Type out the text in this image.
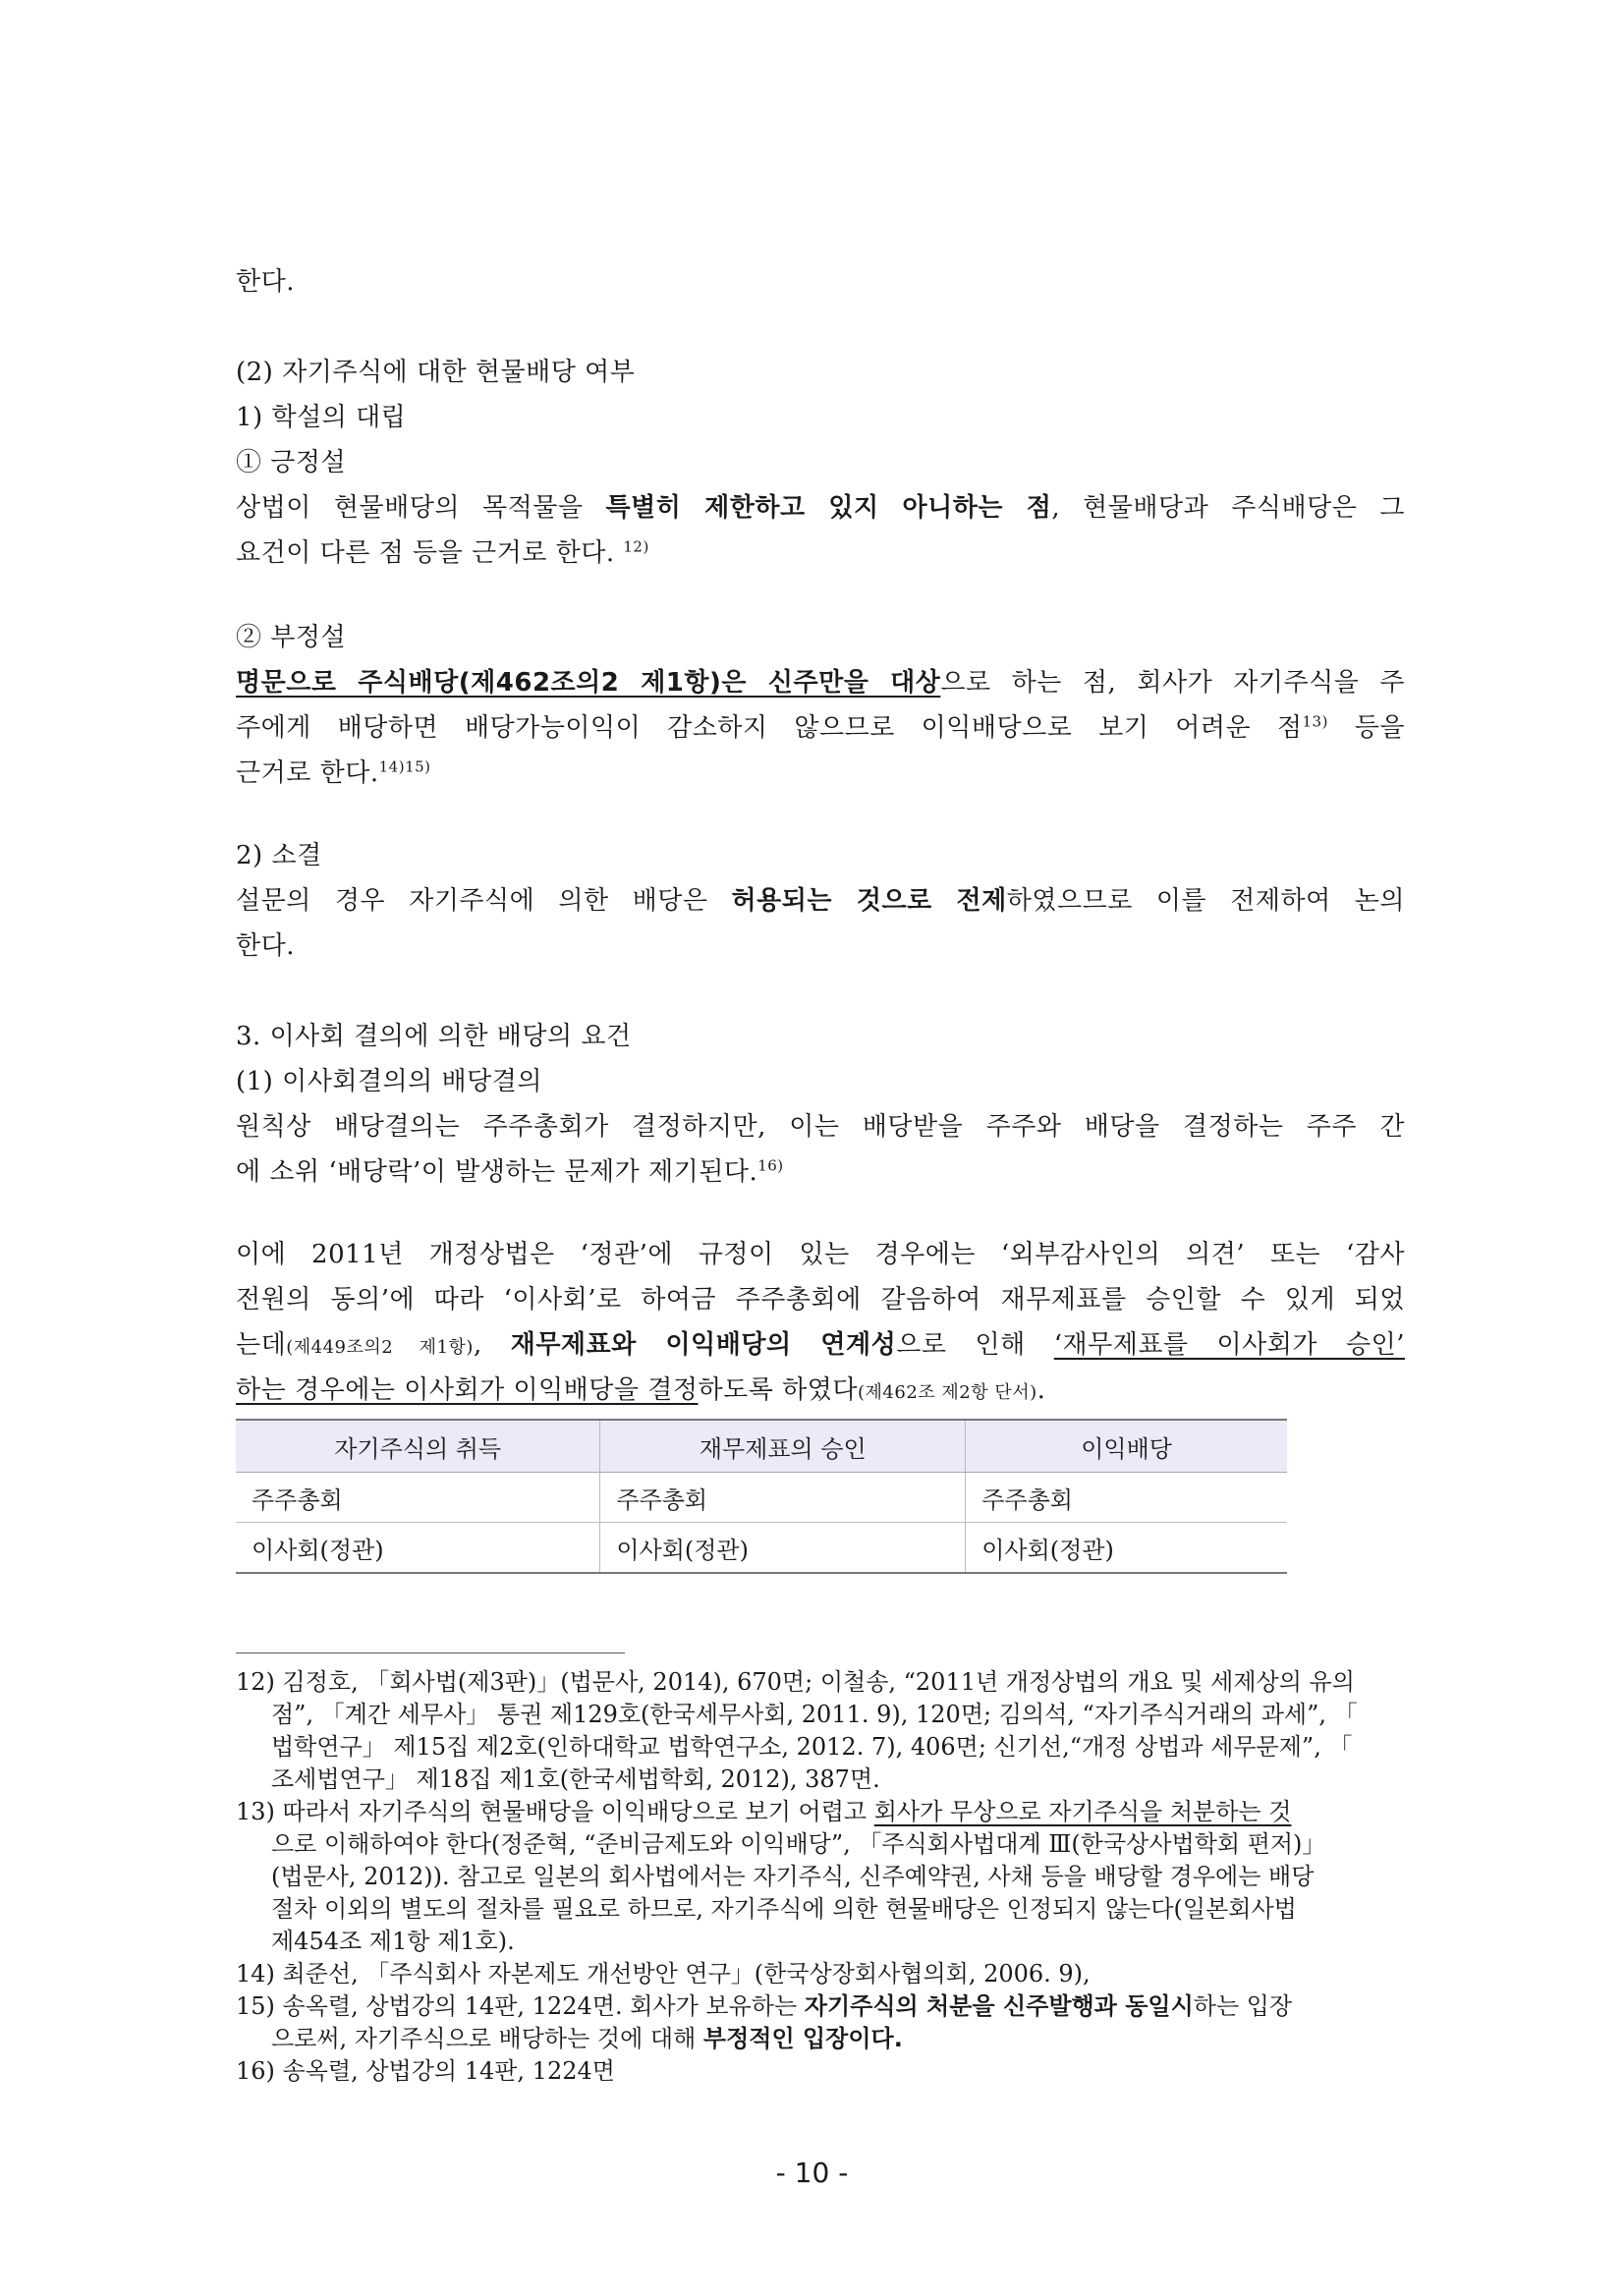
한다.
(2) 자기주식에 대한 현물배당 여부
1) 학설의 대립
① 긍정설
상법이 현물배당의 목적물을 특별히 제한하고 있지 아니하는 점, 현물배당과 주식배당은 그
요건이 다른 점 등을 근거로 한다. $^{12)}$
② 부정설
명문으로 주식배당(제462조의2 제1항)은 신주만을 대상으로 하는 점, 회사가 자기주식을 주
주에게 배당하면 배당가능이익이 감소하지 않으므로 이익배당으로 보기 어려운 점$^{13)}$ 등을
근거로 한다.$^{14)15)}$
2) 소결
설문의 경우 자기주식에 의한 배당은 허용되는 것으로 전제하였으므로 이를 전제하여 논의
한다.
3. 이사회 결의에 의한 배당의 요건
(1) 이사회결의의 배당결의
원칙상 배당결의는 주주총회가 결정하지만, 이는 배당받을 주주와 배당을 결정하는 주주 간
에 소위 ‘배당락’이 발생하는 문제가 제기된다.$^{16)}$
이에 2011년 개정상법은 ‘정관’에 규정이 있는 경우에는 ‘외부감사인의 의견’ 또는 ‘감사
전원의 동의’에 따라 ‘이사회’로 하여금 주주총회에 갈음하여 재무제표를 승인할 수 있게 되었
는데(제449조의2 제1항), 재무제표와 이익배당의 연계성으로 인해 ‘재무제표를 이사회가 승인’
하는 경우에는 이사회가 이익배당을 결정하도록 하였다(제462조 제2항 단서).
자기주식의 취득	재무제표의 승인	이익배당
주주총회	주주총회	주주총회
이사회(정관)	이사회(정관)	이사회(정관)
12) 김정호, 「회사법(제3판)」(법문사, 2014), 670면; 이철송, “2011년 개정상법의 개요 및 세제상의 유의
점”, 「계간 세무사」 통권 제129호(한국세무사회, 2011. 9), 120면; 김의석, “자기주식거래의 과세”, 「
법학연구」 제15집 제2호(인하대학교 법학연구소, 2012. 7), 406면; 신기선,“개정 상법과 세무문제”, 「
조세법연구」 제18집 제1호(한국세법학회, 2012), 387면.
13) 따라서 자기주식의 현물배당을 이익배당으로 보기 어렵고 회사가 무상으로 자기주식을 처분하는 것
으로 이해하여야 한다(정준혁, “준비금제도와 이익배당”, 「주식회사법대계 Ⅲ(한국상사법학회 편저)」
(법문사, 2012)). 참고로 일본의 회사법에서는 자기주식, 신주예약권, 사채 등을 배당할 경우에는 배당
절차 이외의 별도의 절차를 필요로 하므로, 자기주식에 의한 현물배당은 인정되지 않는다(일본회사법
제454조 제1항 제1호).
14) 최준선, 「주식회사 자본제도 개선방안 연구」(한국상장회사협의회, 2006. 9),
15) 송옥렬, 상법강의 14판, 1224면. 회사가 보유하는 자기주식의 처분을 신주발행과 동일시하는 입장
으로써, 자기주식으로 배당하는 것에 대해 부정적인 입장이다.
16) 송옥렬, 상법강의 14판, 1224면
- 10 -
